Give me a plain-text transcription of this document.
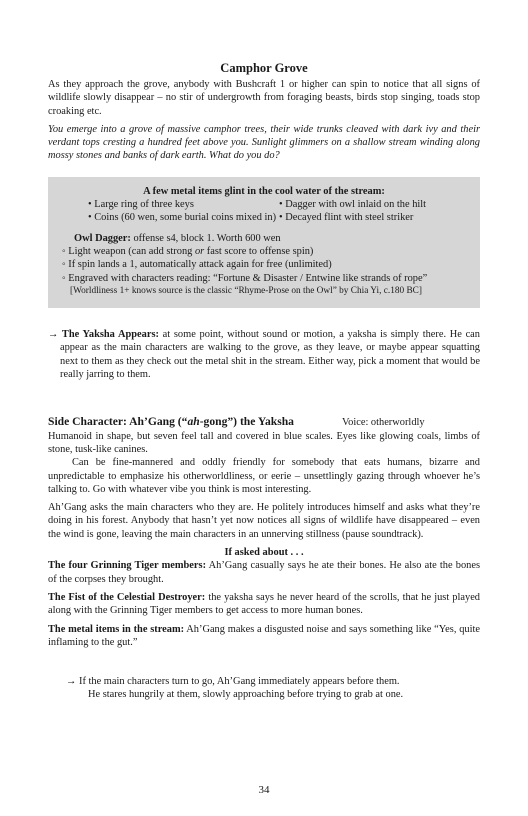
Camphor Grove

As they approach the grove, anybody with Bushcraft 1 or higher can spin to notice that all signs of wildlife slowly disappear – no stir of undergrowth from foraging beasts, birds stop singing, toads stop croaking etc.

You emerge into a grove of massive camphor trees, their wide trunks cleaved with dark ivy and their verdant tops cresting a hundred feet above you. Sunlight glimmers on a shallow stream winding along mossy stones and banks of dark earth. What do you do?

A few metal items glint in the cool water of the stream:
• Large ring of three keys	• Dagger with owl inlaid on the hilt
• Coins (60 wen, some burial coins mixed in) • Decayed flint with steel striker
Owl Dagger: offense s4, block 1. Worth 600 wen
◦ Light weapon (can add strong or fast score to offense spin)
◦ If spin lands a 1, automatically attack again for free (unlimited)
◦ Engraved with characters reading: “Fortune & Disaster / Entwine like strands of rope”
[Worldliness 1+ knows source is the classic “Rhyme-Prose on the Owl” by Chia Yi, c.180 BC]

→ The Yaksha Appears: at some point, without sound or motion, a yaksha is simply there. He can appear as the main characters are walking to the grove, as they leave, or maybe appear squatting next to them as they check out the metal shit in the stream. Either way, pick a moment that would be really jarring to them.

Side Character: Ah’Gang (“ah-gong”) the Yaksha	Voice: otherworldly

Humanoid in shape, but seven feel tall and covered in blue scales. Eyes like glowing coals, limbs of stone, tusk-like canines.

Can be fine-mannered and oddly friendly for somebody that eats humans, bizarre and unpredictable to emphasize his otherworldliness, or eerie – unsettlingly gazing through whoever he’s talking to. Go with whatever vibe you think is most interesting.

Ah’Gang asks the main characters who they are. He politely introduces himself and asks what they’re doing in his forest. Anybody that hasn’t yet now notices all signs of wildlife have disappeared – even the wind is gone, leaving the main characters in an unnerving stillness (pause soundtrack).

If asked about . . .

The four Grinning Tiger members: Ah’Gang casually says he ate their bones. He also ate the bones of the corpses they brought.

The Fist of the Celestial Destroyer: the yaksha says he never heard of the scrolls, that he just played along with the Grinning Tiger members to get access to more human bones.

The metal items in the stream: Ah’Gang makes a disgusted noise and says something like “Yes, quite inflaming to the gut.”

→ If the main characters turn to go, Ah’Gang immediately appears before them.
He stares hungrily at them, slowly approaching before trying to grab at one.
34
